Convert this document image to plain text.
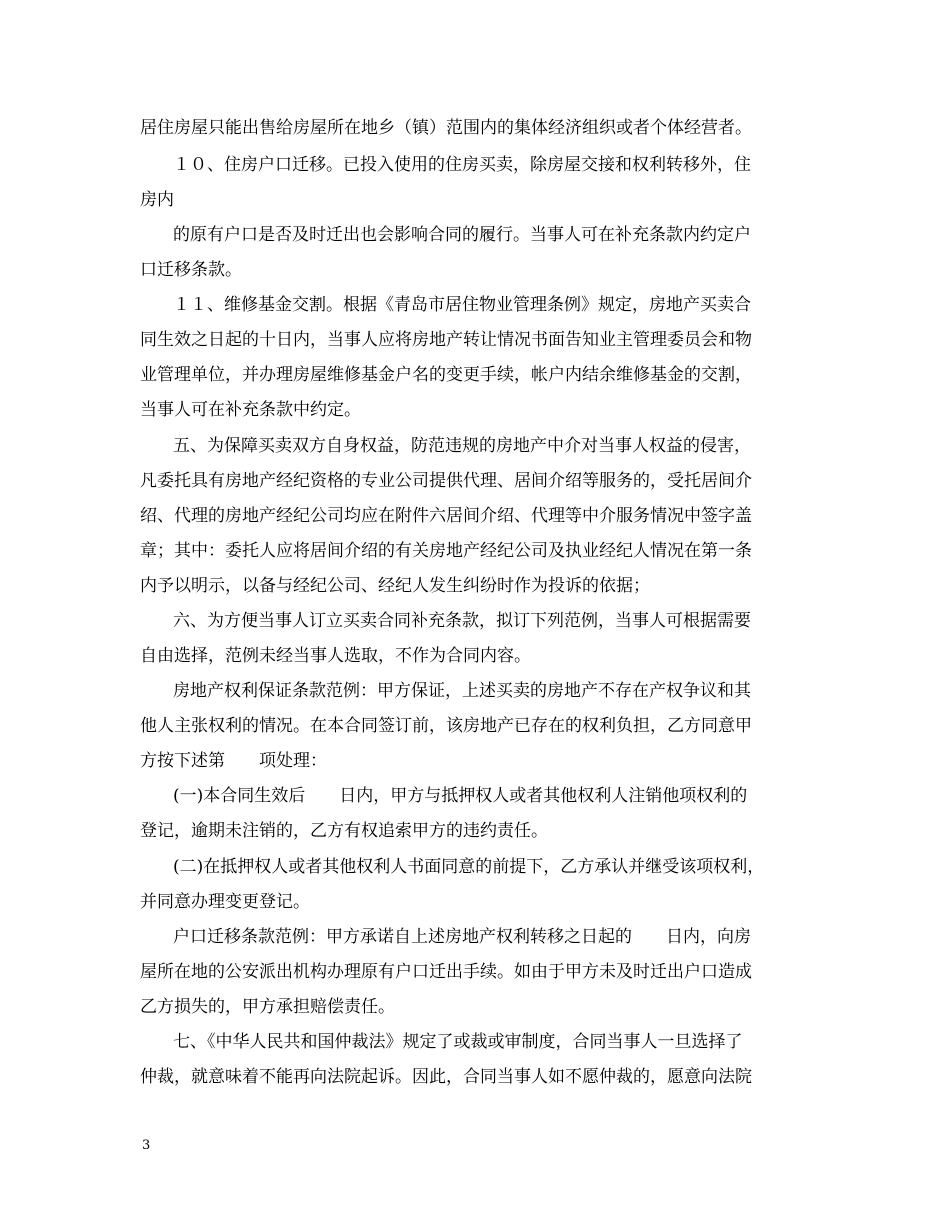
居住房屋只能出售给房屋所在地乡（镇）范围内的集体经济组织或者个体经营者。
１０、住房户口迁移。已投入使用的住房买卖，除房屋交接和权利转移外，住
房内
的原有户口是否及时迁出也会影响合同的履行。当事人可在补充条款内约定户
口迁移条款。
１１、维修基金交割。根据《青岛市居住物业管理条例》规定，房地产买卖合
同生效之日起的十日内，当事人应将房地产转让情况书面告知业主管理委员会和物
业管理单位，并办理房屋维修基金户名的变更手续，帐户内结余维修基金的交割，
当事人可在补充条款中约定。
五、为保障买卖双方自身权益，防范违规的房地产中介对当事人权益的侵害，
凡委托具有房地产经纪资格的专业公司提供代理、居间介绍等服务的，受托居间介
绍、代理的房地产经纪公司均应在附件六居间介绍、代理等中介服务情况中签字盖
章；其中：委托人应将居间介绍的有关房地产经纪公司及执业经纪人情况在第一条
内予以明示，以备与经纪公司、经纪人发生纠纷时作为投诉的依据；
六、为方便当事人订立买卖合同补充条款，拟订下列范例，当事人可根据需要
自由选择，范例未经当事人选取，不作为合同内容。
房地产权利保证条款范例：甲方保证，上述买卖的房地产不存在产权争议和其
他人主张权利的情况。在本合同签订前，该房地产已存在的权利负担，乙方同意甲
方按下述第　　项处理：
(一)本合同生效后　　日内，甲方与抵押权人或者其他权利人注销他项权利的
登记，逾期未注销的，乙方有权追索甲方的违约责任。
(二)在抵押权人或者其他权利人书面同意的前提下，乙方承认并继受该项权利，
并同意办理变更登记。
户口迁移条款范例：甲方承诺自上述房地产权利转移之日起的　　日内，向房
屋所在地的公安派出机构办理原有户口迁出手续。如由于甲方未及时迁出户口造成
乙方损失的，甲方承担赔偿责任。
七、《中华人民共和国仲裁法》规定了或裁或审制度，合同当事人一旦选择了
仲裁，就意味着不能再向法院起诉。因此，合同当事人如不愿仲裁的，愿意向法院
3
